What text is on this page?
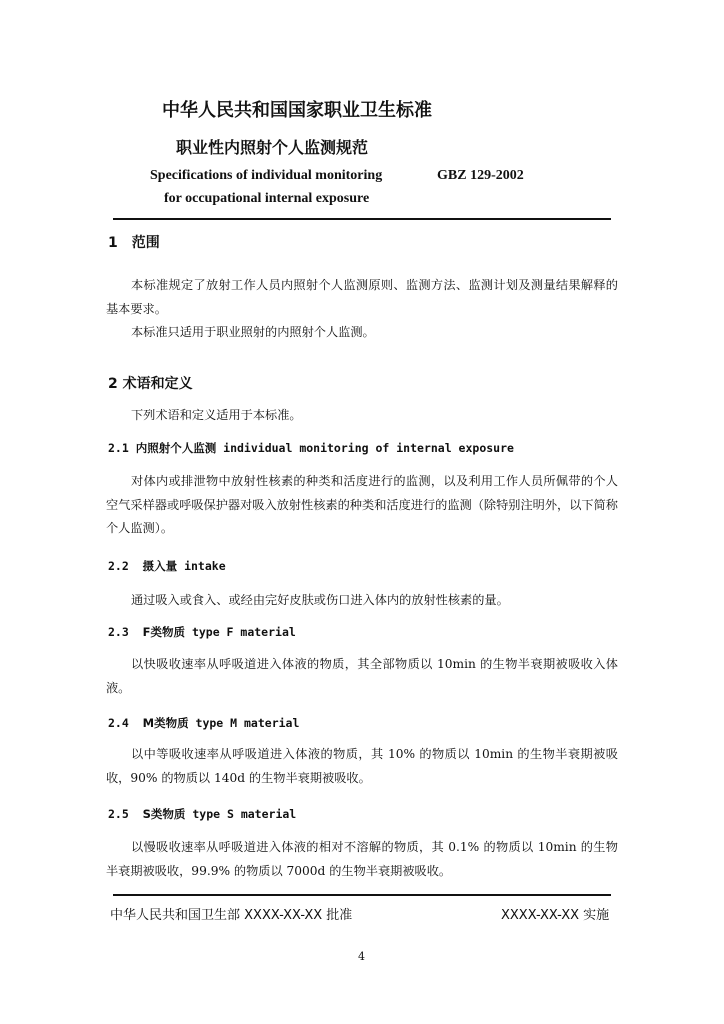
中华人民共和国国家职业卫生标准
职业性内照射个人监测规范
Specifications of individual monitoring	GBZ 129-2002
for occupational internal exposure
1　范围

本标准规定了放射工作人员内照射个人监测原则、监测方法、监测计划及测量结果解释的基本要求。

本标准只适用于职业照射的内照射个人监测。

2 术语和定义

下列术语和定义适用于本标准。

2.1 内照射个人监测 individual monitoring of internal exposure

对体内或排泄物中放射性核素的种类和活度进行的监测，以及利用工作人员所佩带的个人空气采样器或呼吸保护器对吸入放射性核素的种类和活度进行的监测（除特别注明外，以下简称个人监测）。

2.2 摄入量 intake

通过吸入或食入、或经由完好皮肤或伤口进入体内的放射性核素的量。

2.3 F类物质 type F material

以快吸收速率从呼吸道进入体液的物质，其全部物质以 10min 的生物半衰期被吸收入体液。

2.4 M类物质 type M material

以中等吸收速率从呼吸道进入体液的物质，其 10% 的物质以 10min 的生物半衰期被吸收，90% 的物质以 140d 的生物半衰期被吸收。

2.5 S类物质 type S material

以慢吸收速率从呼吸道进入体液的相对不溶解的物质，其 0.1% 的物质以 10min 的生物半衰期被吸收，99.9% 的物质以 7000d 的生物半衰期被吸收。

中华人民共和国卫生部 XXXX-XX-XX 批准	XXXX-XX-XX 实施
4
